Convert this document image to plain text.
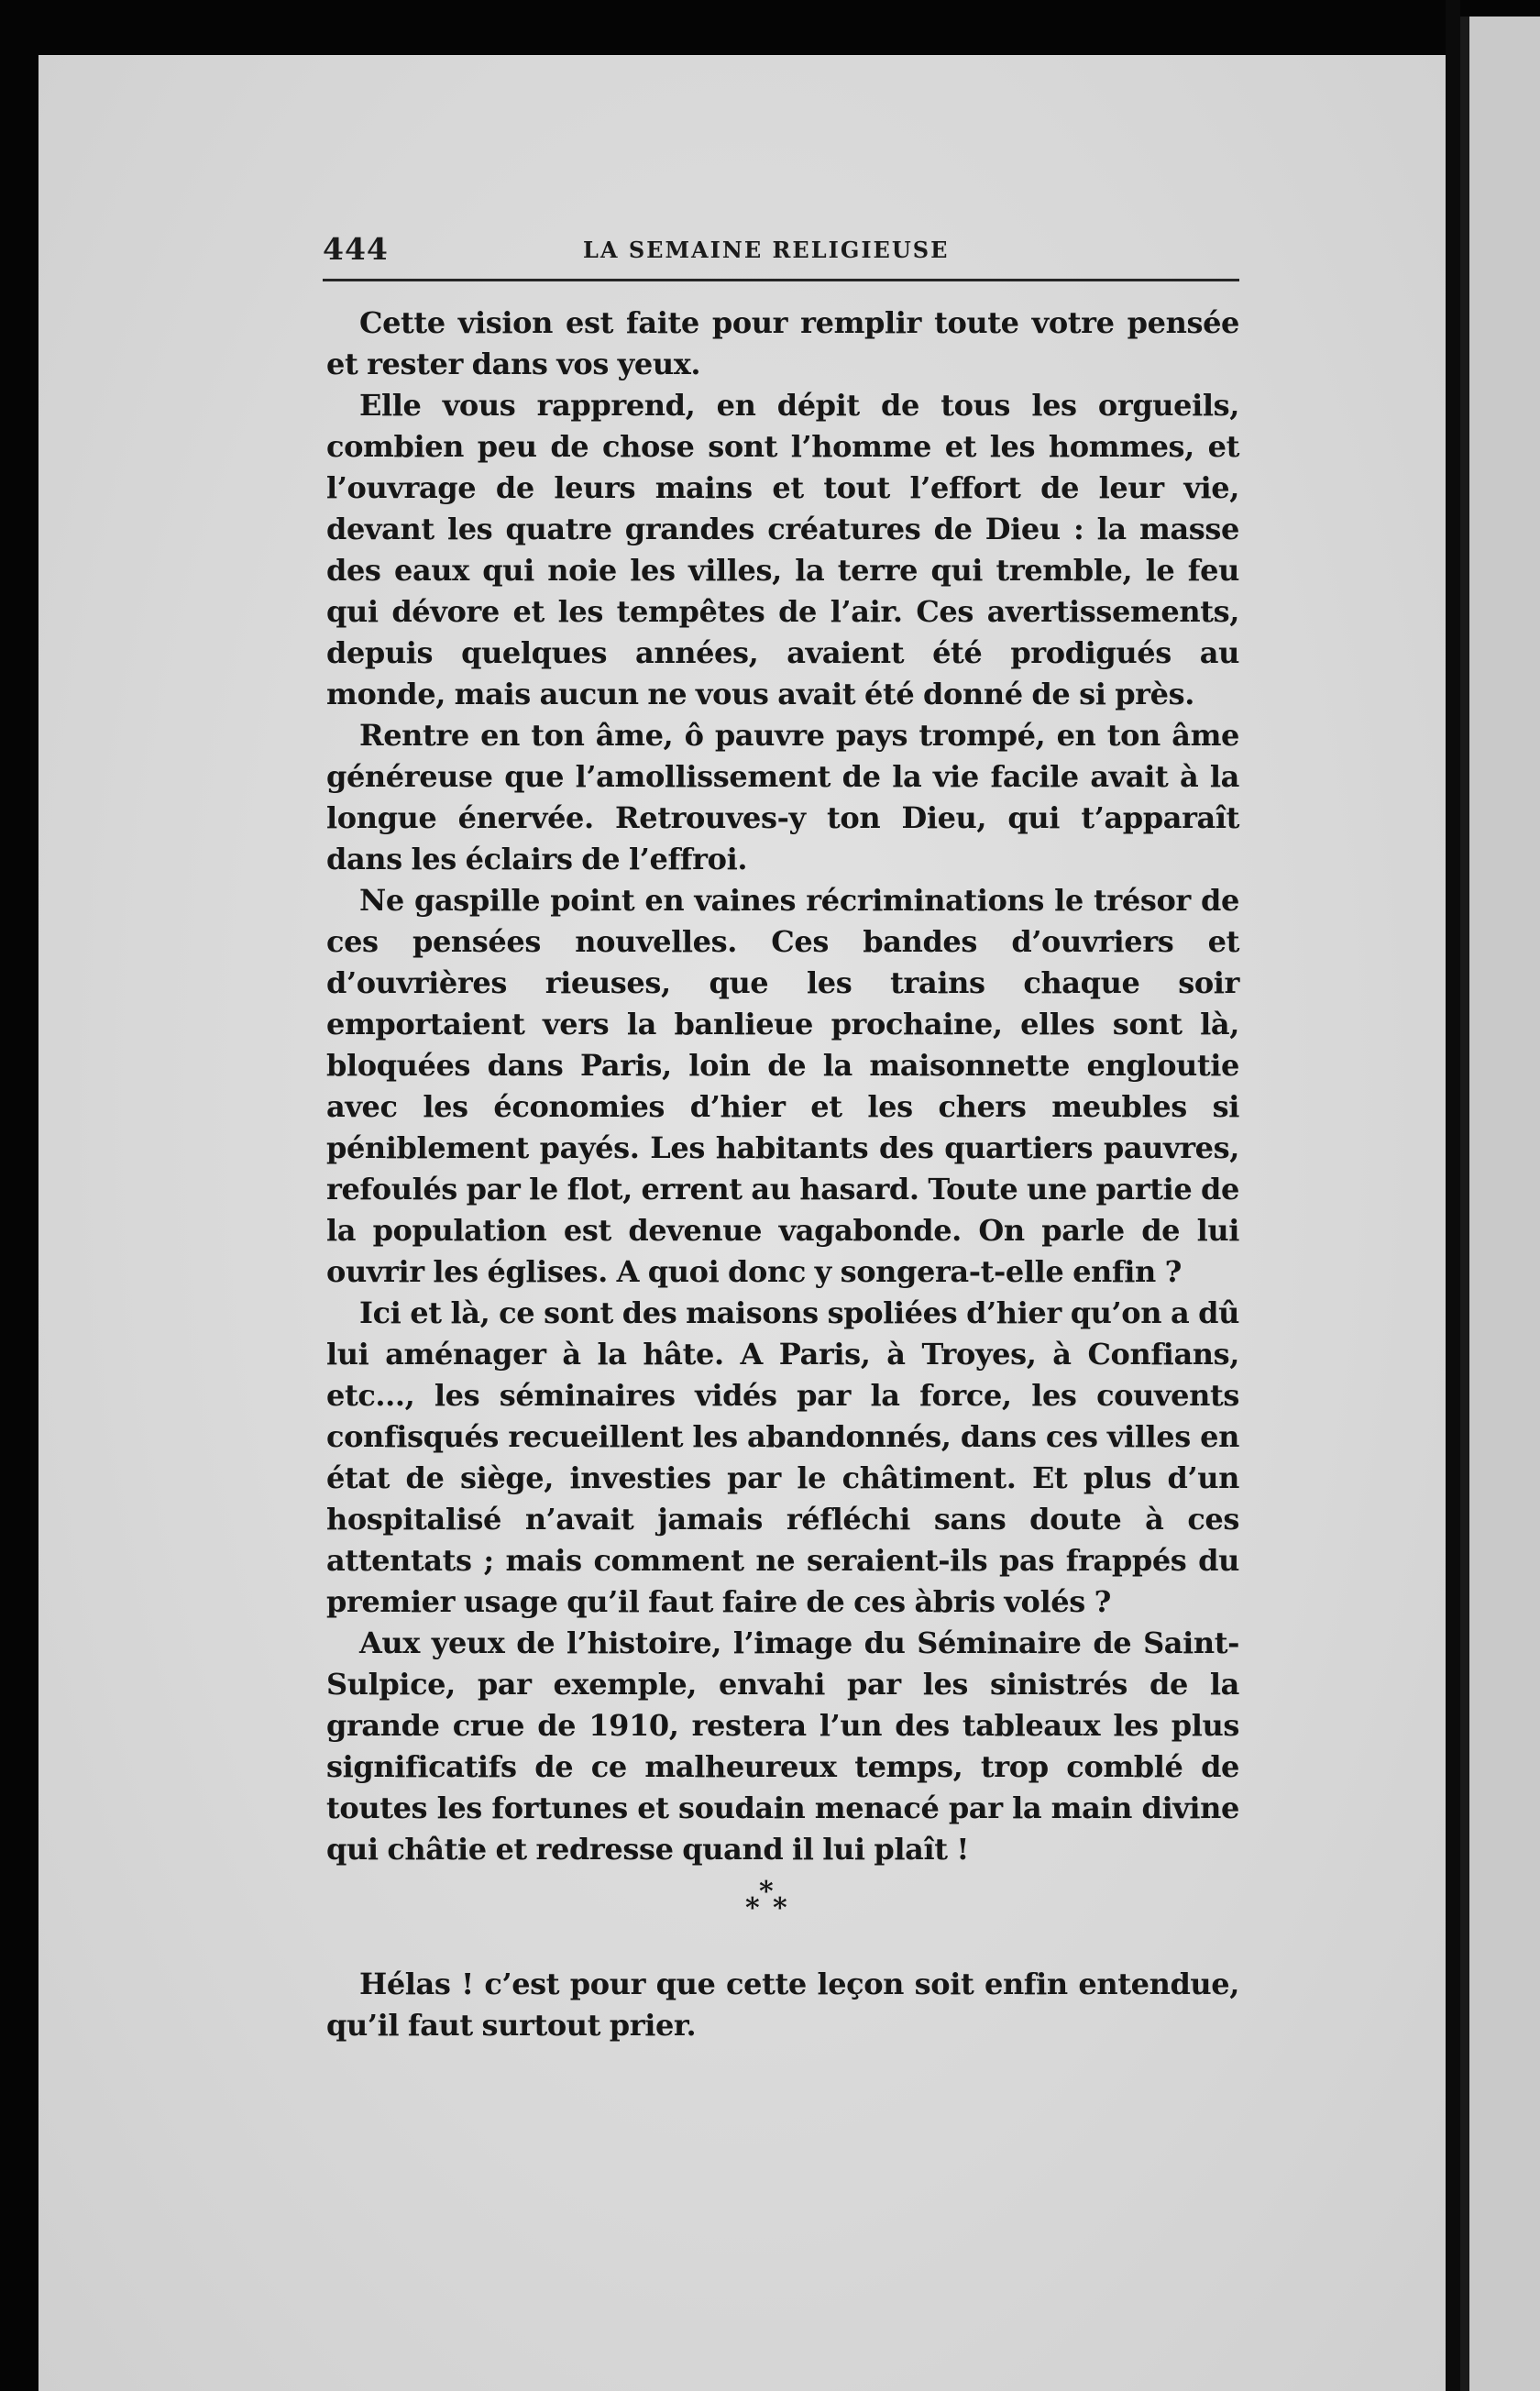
444	LA SEMAINE RELIGIEUSE

Cette vision est faite pour remplir toute votre pensée et rester dans vos yeux.

Elle vous rapprend, en dépit de tous les orgueils, combien peu de chose sont l’homme et les hommes, et l’ouvrage de leurs mains et tout l’effort de leur vie, devant les quatre grandes créatures de Dieu : la masse des eaux qui noie les villes, la terre qui tremble, le feu qui dévore et les tempêtes de l’air. Ces avertissements, depuis quelques années, avaient été prodigués au monde, mais aucun ne vous avait été donné de si près.

Rentre en ton âme, ô pauvre pays trompé, en ton âme généreuse que l’amollissement de la vie facile avait à la longue énervée. Retrouves-y ton Dieu, qui t’apparaît dans les éclairs de l’effroi.

Ne gaspille point en vaines récriminations le trésor de ces pensées nouvelles. Ces bandes d’ouvriers et d’ouvrières rieuses, que les trains chaque soir emportaient vers la banlieue prochaine, elles sont là, bloquées dans Paris, loin de la maisonnette engloutie avec les économies d’hier et les chers meubles si péniblement payés. Les habitants des quartiers pauvres, refoulés par le flot, errent au hasard. Toute une partie de la population est devenue vagabonde. On parle de lui ouvrir les églises. A quoi donc y songera-t-elle enfin ?

Ici et là, ce sont des maisons spoliées d’hier qu’on a dû lui aménager à la hâte. A Paris, à Troyes, à Confians, etc..., les séminaires vidés par la force, les couvents confisqués recueillent les abandonnés, dans ces villes en état de siège, investies par le châtiment. Et plus d’un hospitalisé n’avait jamais réfléchi sans doute à ces attentats ; mais comment ne seraient-ils pas frappés du premier usage qu’il faut faire de ces àbris volés ?

Aux yeux de l’histoire, l’image du Séminaire de Saint-Sulpice, par exemple, envahi par les sinistrés de la grande crue de 1910, restera l’un des tableaux les plus significatifs de ce malheureux temps, trop comblé de toutes les fortunes et soudain menacé par la main divine qui châtie et redresse quand il lui plaît !

*
* *

Hélas ! c’est pour que cette leçon soit enfin entendue, qu’il faut surtout prier.
